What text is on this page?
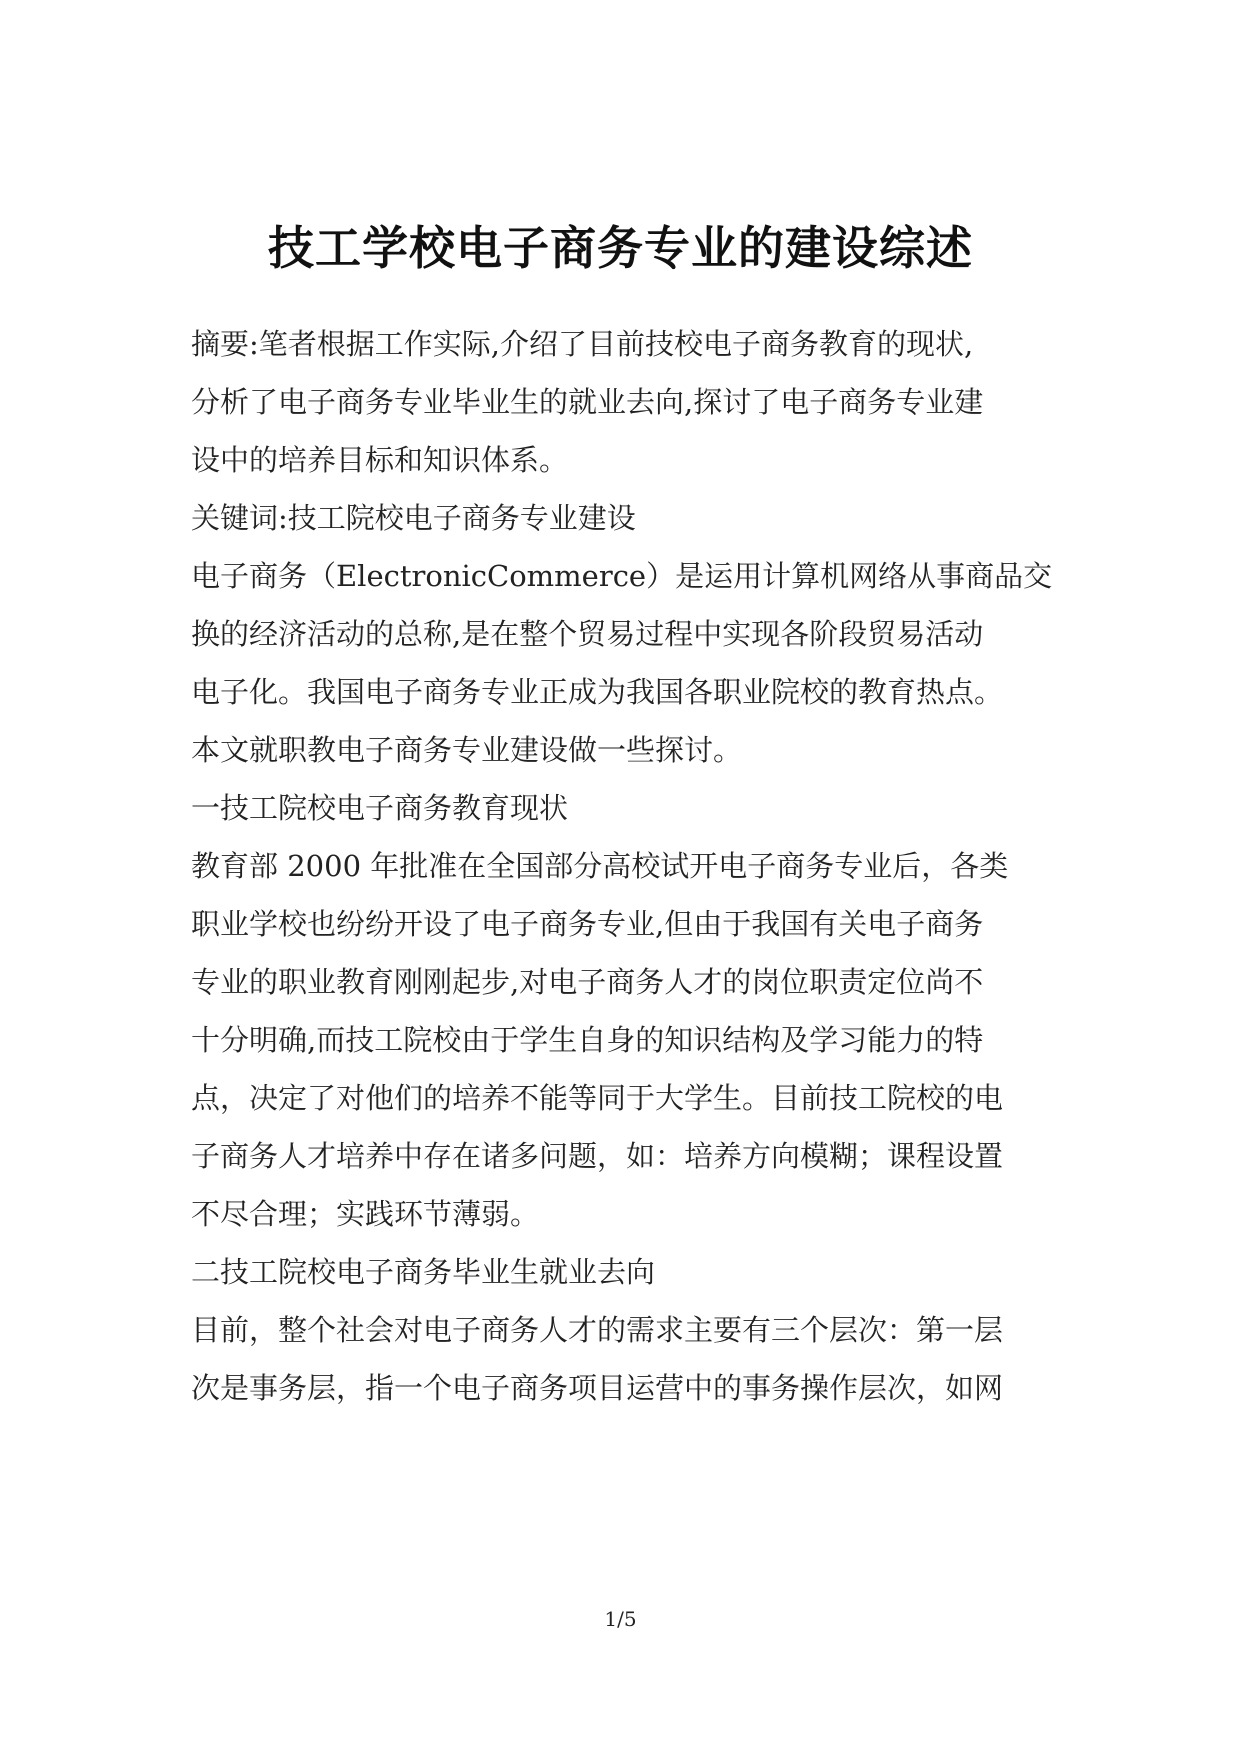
技工学校电子商务专业的建设综述
摘要:笔者根据工作实际,介绍了目前技校电子商务教育的现状,
分析了电子商务专业毕业生的就业去向,探讨了电子商务专业建
设中的培养目标和知识体系。
关键词:技工院校电子商务专业建设
电子商务（ElectronicCommerce）是运用计算机网络从事商品交
换的经济活动的总称,是在整个贸易过程中实现各阶段贸易活动
电子化。我国电子商务专业正成为我国各职业院校的教育热点。
本文就职教电子商务专业建设做一些探讨。
一技工院校电子商务教育现状
教育部 2000 年批准在全国部分高校试开电子商务专业后，各类
职业学校也纷纷开设了电子商务专业,但由于我国有关电子商务
专业的职业教育刚刚起步,对电子商务人才的岗位职责定位尚不
十分明确,而技工院校由于学生自身的知识结构及学习能力的特
点，决定了对他们的培养不能等同于大学生。目前技工院校的电
子商务人才培养中存在诸多问题，如：培养方向模糊；课程设置
不尽合理；实践环节薄弱。
二技工院校电子商务毕业生就业去向
目前，整个社会对电子商务人才的需求主要有三个层次：第一层
次是事务层，指一个电子商务项目运营中的事务操作层次，如网
1/5
